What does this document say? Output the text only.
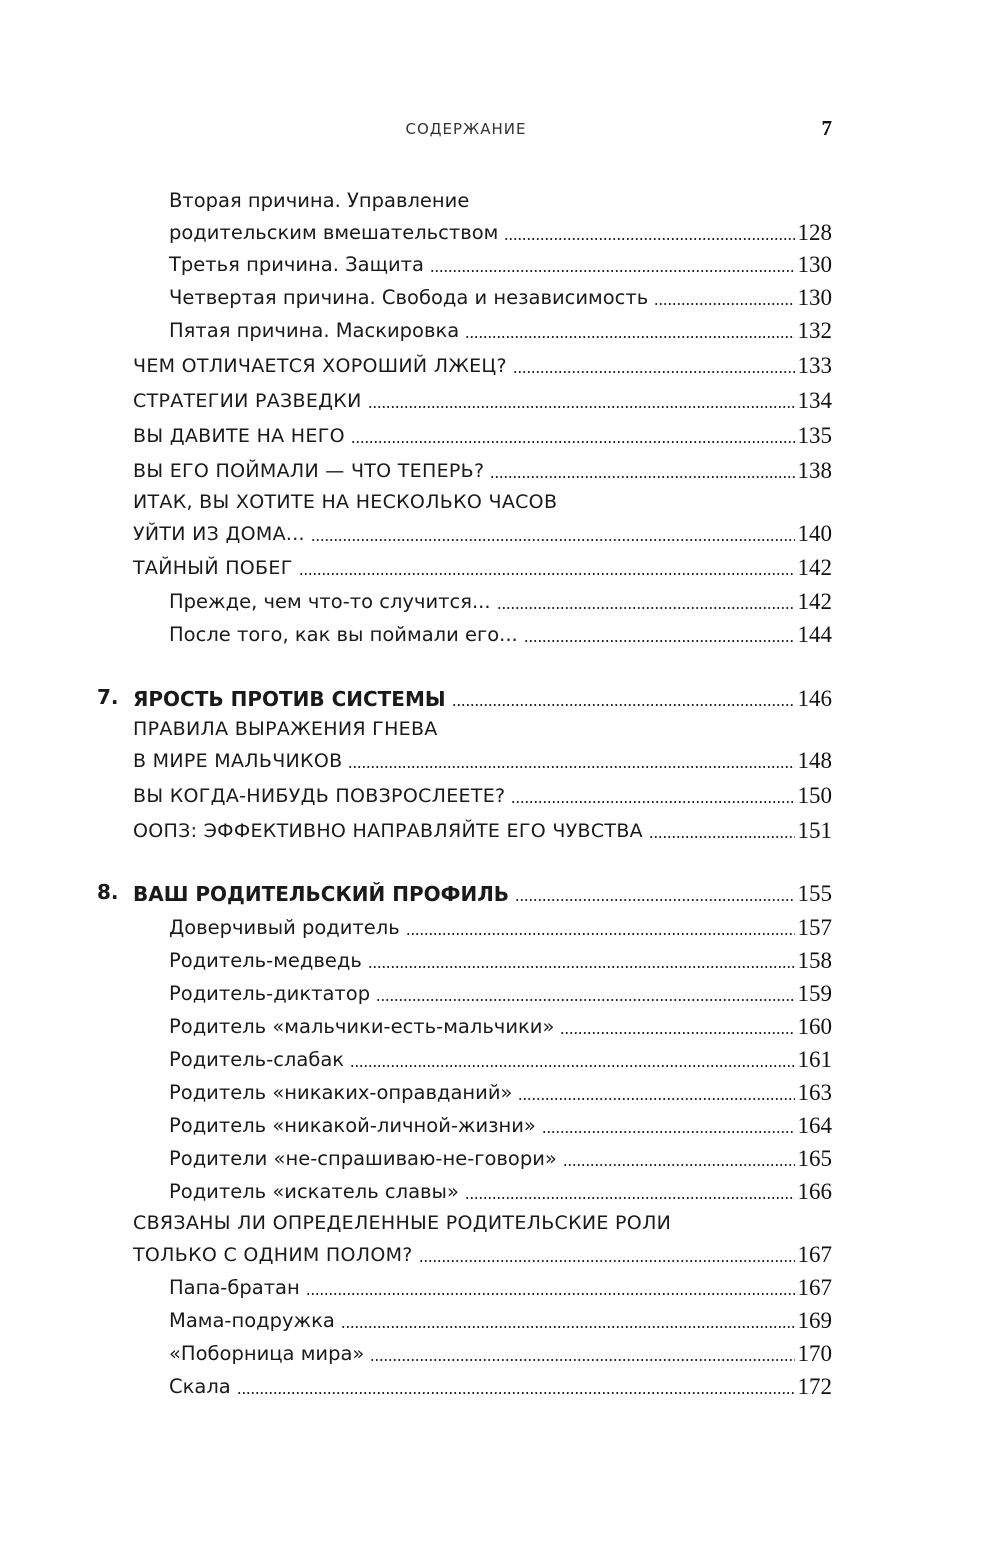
СОДЕРЖАНИЕ	7
Вторая причина. Управление
родительским вмешательством	128
Третья причина. Защита	130
Четвертая причина. Свобода и независимость	130
Пятая причина. Маскировка	132
ЧЕМ ОТЛИЧАЕТСЯ ХОРОШИЙ ЛЖЕЦ?	133
СТРАТЕГИИ РАЗВЕДКИ	134
ВЫ ДАВИТЕ НА НЕГО	135
ВЫ ЕГО ПОЙМАЛИ — ЧТО ТЕПЕРЬ?	138
ИТАК, ВЫ ХОТИТЕ НА НЕСКОЛЬКО ЧАСОВ
УЙТИ ИЗ ДОМА...	140
ТАЙНЫЙ ПОБЕГ	142
Прежде, чем что-то случится...	142
После того, как вы поймали его...	144
7. ЯРОСТЬ ПРОТИВ СИСТЕМЫ	146
ПРАВИЛА ВЫРАЖЕНИЯ ГНЕВА
В МИРЕ МАЛЬЧИКОВ	148
ВЫ КОГДА-НИБУДЬ ПОВЗРОСЛЕЕТЕ?	150
ООПЗ: ЭФФЕКТИВНО НАПРАВЛЯЙТЕ ЕГО ЧУВСТВА	151
8. ВАШ РОДИТЕЛЬСКИЙ ПРОФИЛЬ	155
Доверчивый родитель	157
Родитель-медведь	158
Родитель-диктатор	159
Родитель «мальчики-есть-мальчики»	160
Родитель-слабак	161
Родитель «никаких-оправданий»	163
Родитель «никакой-личной-жизни»	164
Родители «не-спрашиваю-не-говори»	165
Родитель «искатель славы»	166
СВЯЗАНЫ ЛИ ОПРЕДЕЛЕННЫЕ РОДИТЕЛЬСКИЕ РОЛИ
ТОЛЬКО С ОДНИМ ПОЛОМ?	167
Папа-братан	167
Мама-подружка	169
«Поборница мира»	170
Скала	172
